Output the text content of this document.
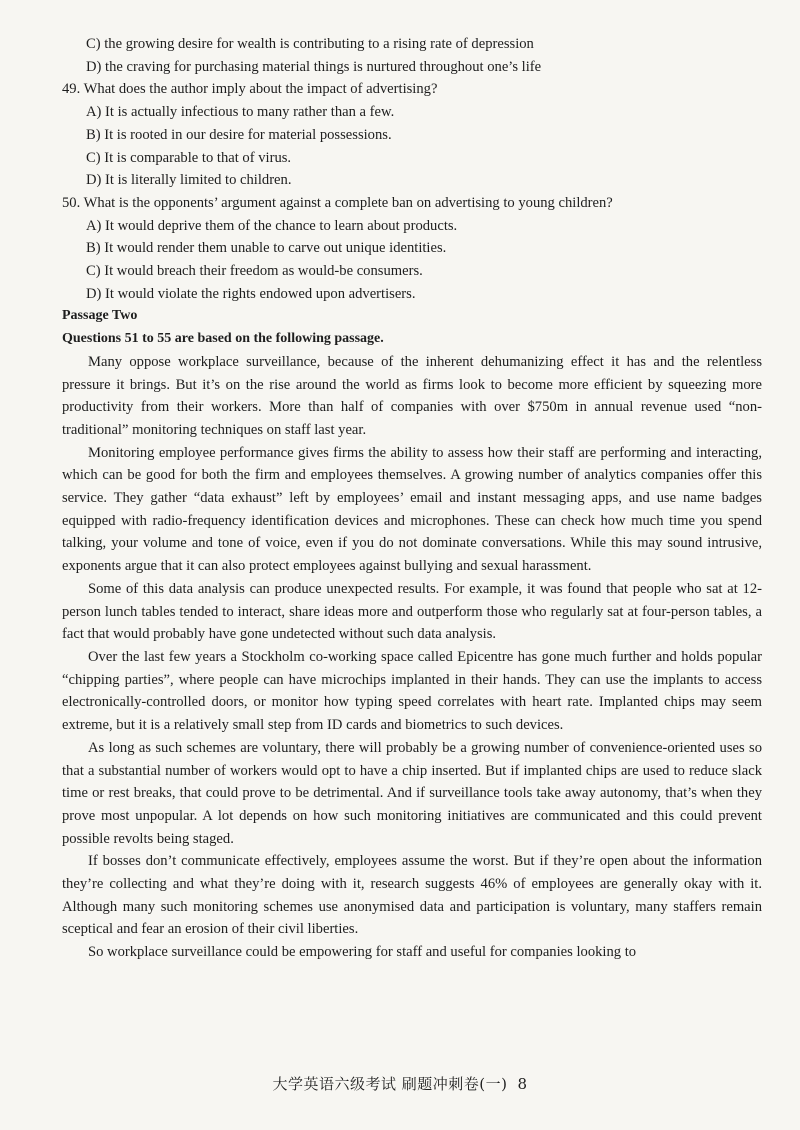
C) the growing desire for wealth is contributing to a rising rate of depression
D) the craving for purchasing material things is nurtured throughout one’s life
49. What does the author imply about the impact of advertising?
A) It is actually infectious to many rather than a few.
B) It is rooted in our desire for material possessions.
C) It is comparable to that of virus.
D) It is literally limited to children.
50. What is the opponents’ argument against a complete ban on advertising to young children?
A) It would deprive them of the chance to learn about products.
B) It would render them unable to carve out unique identities.
C) It would breach their freedom as would-be consumers.
D) It would violate the rights endowed upon advertisers.
Passage Two
Questions 51 to 55 are based on the following passage.

Many oppose workplace surveillance, because of the inherent dehumanizing effect it has and the relentless pressure it brings. But it’s on the rise around the world as firms look to become more efficient by squeezing more productivity from their workers. More than half of companies with over $750m in annual revenue used “non-traditional” monitoring techniques on staff last year.

Monitoring employee performance gives firms the ability to assess how their staff are performing and interacting, which can be good for both the firm and employees themselves. A growing number of analytics companies offer this service. They gather “data exhaust” left by employees’ email and instant messaging apps, and use name badges equipped with radio-frequency identification devices and microphones. These can check how much time you spend talking, your volume and tone of voice, even if you do not dominate conversations. While this may sound intrusive, exponents argue that it can also protect employees against bullying and sexual harassment.

Some of this data analysis can produce unexpected results. For example, it was found that people who sat at 12-person lunch tables tended to interact, share ideas more and outperform those who regularly sat at four-person tables, a fact that would probably have gone undetected without such data analysis.

Over the last few years a Stockholm co-working space called Epicentre has gone much further and holds popular “chipping parties”, where people can have microchips implanted in their hands. They can use the implants to access electronically-controlled doors, or monitor how typing speed correlates with heart rate. Implanted chips may seem extreme, but it is a relatively small step from ID cards and biometrics to such devices.

As long as such schemes are voluntary, there will probably be a growing number of convenience-oriented uses so that a substantial number of workers would opt to have a chip inserted. But if implanted chips are used to reduce slack time or rest breaks, that could prove to be detrimental. And if surveillance tools take away autonomy, that’s when they prove most unpopular. A lot depends on how such monitoring initiatives are communicated and this could prevent possible revolts being staged.

If bosses don’t communicate effectively, employees assume the worst. But if they’re open about the information they’re collecting and what they’re doing with it, research suggests 46% of employees are generally okay with it. Although many such monitoring schemes use anonymised data and participation is voluntary, many staffers remain sceptical and fear an erosion of their civil liberties.

So workplace surveillance could be empowering for staff and useful for companies looking to

大学英语六级考试 刷题冲刺卷(一) 8
